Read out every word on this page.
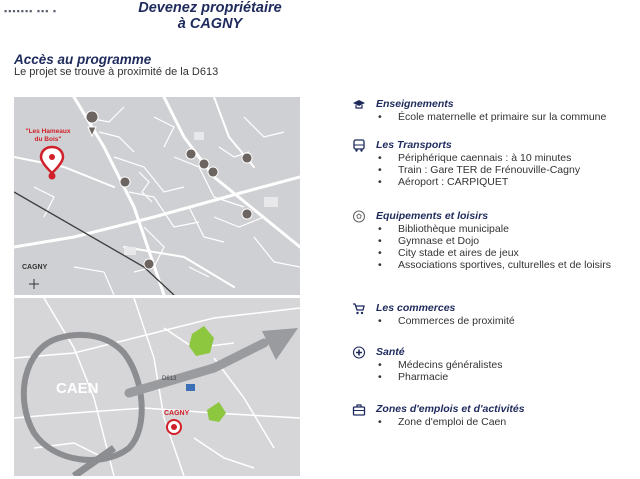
▪▪▪▪▪▪▪ ▪▪▪ ▪	Devenez propriétaire
à CAGNY
Accès au programme
Le projet se trouve à proximité de la D613
"Les Hameaux
du Bois"
CAGNY
CAEN
CAGNY
D613
Enseignements
• École maternelle et primaire sur la commune
Les Transports
• Périphérique caennais : à 10 minutes
• Train : Gare TER de Frénouville-Cagny
• Aéroport : CARPIQUET
Equipements et loisirs
• Bibliothèque municipale
• Gymnase et Dojo
• City stade et aires de jeux
• Associations sportives, culturelles et de loisirs
Les commerces
• Commerces de proximité
Santé
• Médecins généralistes
• Pharmacie
Zones d'emplois et d'activités
• Zone d'emploi de Caen
